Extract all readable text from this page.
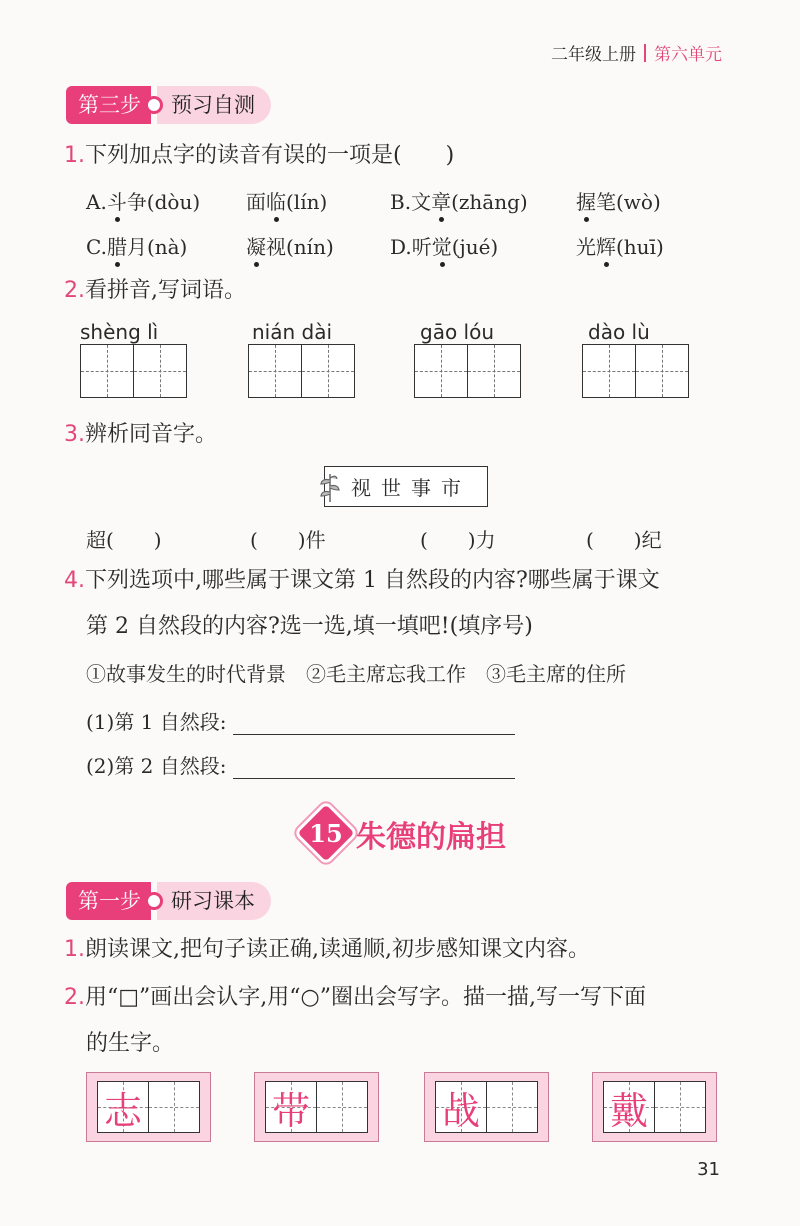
二年级上册 第六单元
第三步	预习自测
1.下列加点字的读音有误的一项是(　　)
A.斗争(dòu) 面临(lín)	B.文章(zhāng) 握笔(wò)
C.腊月(nà)	凝视(nín)	D.听觉(jué)	光辉(huī)
2.看拼音,写词语。
shèng lì	nián dài	gāo lóu	dào lù
3.辨析同音字。
视世事市
超(　　)	(　　)件	(　　)力	(　　)纪
4.下列选项中,哪些属于课文第 1 自然段的内容?哪些属于课文
第 2 自然段的内容?选一选,填一填吧!(填序号)
①故事发生的时代背景　②毛主席忘我工作　③毛主席的住所
(1)第 1 自然段:
(2)第 2 自然段:
15 朱德的扁担
第一步	研习课本
1.朗读课文,把句子读正确,读通顺,初步感知课文内容。
2.用“□”画出会认字,用“○”圈出会写字。描一描,写一写下面
的生字。
志	带	战	戴
31
